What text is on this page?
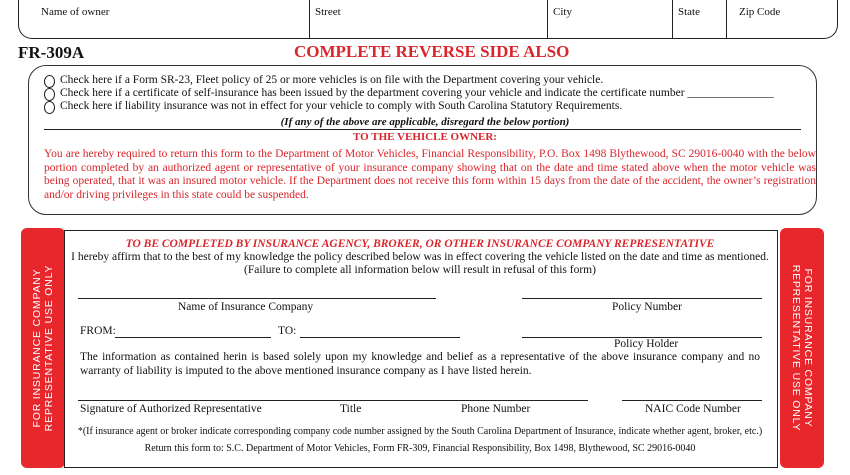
Name of owner	Street	City	State	Zip Code
FR-309A	COMPLETE REVERSE SIDE ALSO
Check here if a Form SR-23, Fleet policy of 25 or more vehicles is on file with the Department covering your vehicle.
Check here if a certificate of self-insurance has been issued by the department covering your vehicle and indicate the certificate number _______________
Check here if liability insurance was not in effect for your vehicle to comply with South Carolina Statutory Requirements.
(If any of the above are applicable, disregard the below portion)
TO THE VEHICLE OWNER:
You are hereby required to return this form to the Department of Motor Vehicles, Financial Responsibility, P.O. Box 1498 Blythewood, SC 29016-0040 with the below portion completed by an authorized agent or representative of your insurance company showing that on the date and time stated above when the motor vehicle was being operated, that it was an insured motor vehicle. If the Department does not receive this form within 15 days from the date of the accident, the owner’s registration and/or driving privileges in this state could be suspended.
FOR INSURANCE COMPANY REPRESENTATIVE USE ONLY	FOR INSURANCE COMPANY
REPRESENTATIVE USE ONLY
TO BE COMPLETED BY INSURANCE AGENCY, BROKER, OR OTHER INSURANCE COMPANY REPRESENTATIVE
I hereby affirm that to the best of my knowledge the policy described below was in effect covering the vehicle listed on the date and time as mentioned.
(Failure to complete all information below will result in refusal of this form)
Name of Insurance Company	Policy Number
FROM:	TO:
Policy Holder
The information as contained herin is based solely upon my knowledge and belief as a representative of the above insurance company and no warranty of liability is imputed to the above mentioned insurance company as I have listed herein.
Signature of Authorized Representative	Title	Phone Number	NAIC Code Number
*(If insurance agent or broker indicate corresponding company code number assigned by the South Carolina Department of Insurance, indicate whether agent, broker, etc.)
Return this form to: S.C. Department of Motor Vehicles, Form FR-309, Financial Responsibility, Box 1498, Blythewood, SC 29016-0040
